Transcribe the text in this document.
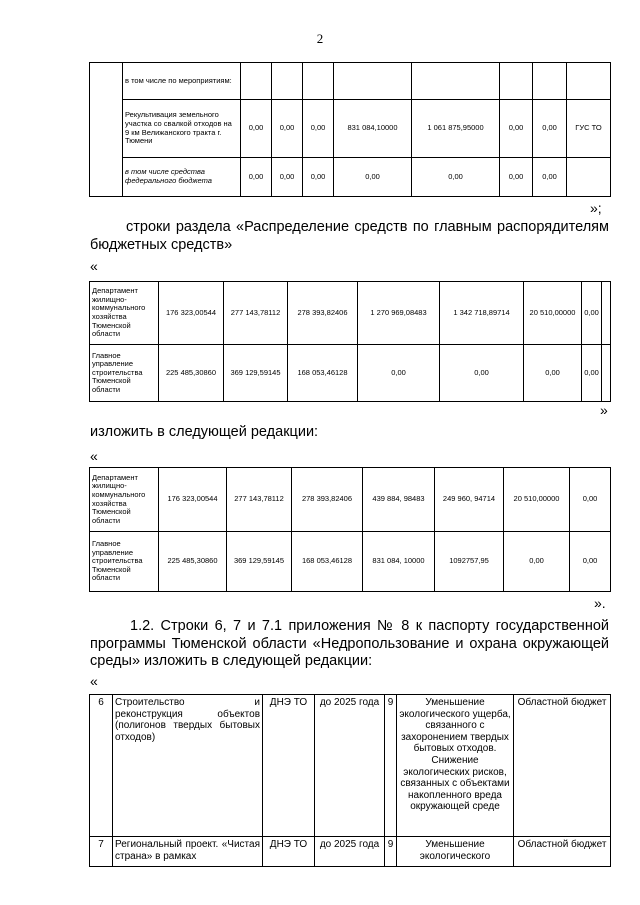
2
	в том числе по мероприятиям:								
	Рекультивация земельного участка со свалкой отходов на 9 км Велижанского тракта г. Тюмени	0,00	0,00	0,00	831 084,10000	1 061 875,95000	0,00	0,00	ГУС ТО
	в том числе средства федерального бюджета	0,00	0,00	0,00	0,00	0,00	0,00	0,00	
»;
строки раздела «Распределение средств по главным распорядителям бюджетных средств»
«
Департамент жилищно-коммунального хозяйства Тюменской области	176 323,00544	277 143,78112	278 393,82406	1 270 969,08483	1 342 718,89714	20 510,00000	0,00	
Главное управление строительства Тюменской области	225 485,30860	369 129,59145	168 053,46128	0,00	0,00	0,00	0,00	
»
изложить в следующей редакции:
«
Департамент жилищно-коммунального хозяйства Тюменской области	176 323,00544	277 143,78112	278 393,82406	439 884, 98483	249 960, 94714	20 510,00000	0,00
Главное управление строительства Тюменской области	225 485,30860	369 129,59145	168 053,46128	831 084, 10000	1092757,95	0,00	0,00
».
1.2. Строки 6, 7 и 7.1 приложения № 8 к паспорту государственной программы Тюменской области «Недропользование и охрана окружающей среды» изложить в следующей редакции:
«
6	Строительство и реконструкция объектов (полигонов твердых бытовых отходов)	ДНЭ ТО	до 2025 года	9	Уменьшение экологического ущерба, связанного с захоронением твердых бытовых отходов. Снижение экологических рисков, связанных с объектами накопленного вреда окружающей среде	Областной бюджет
7	Региональный проект. «Чистая страна» в рамках	ДНЭ ТО	до 2025 года	9	Уменьшение экологического	Областной бюджет
